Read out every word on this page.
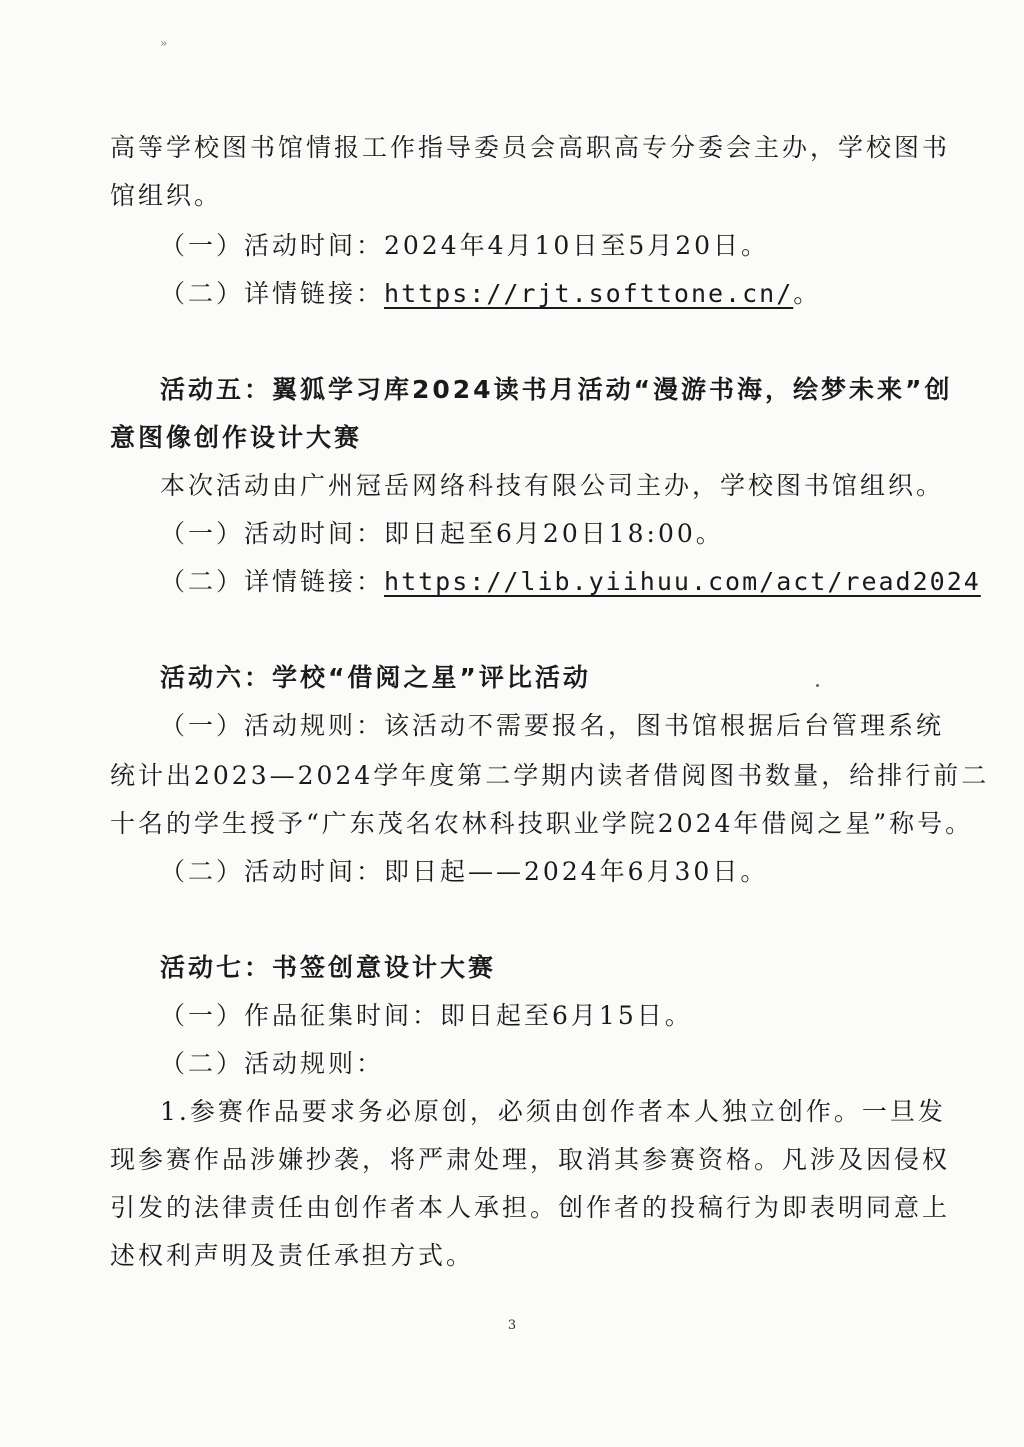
»
高等学校图书馆情报工作指导委员会高职高专分委会主办，学校图书
馆组织。
（一）活动时间：2024年4月10日至5月20日。
（二）详情链接：https://rjt.softtone.cn/。
活动五：翼狐学习库2024读书月活动“漫游书海，绘梦未来”创
意图像创作设计大赛
本次活动由广州冠岳网络科技有限公司主办，学校图书馆组织。
（一）活动时间：即日起至6月20日18:00。
（二）详情链接：https://lib.yiihuu.com/act/read2024
活动六：学校“借阅之星”评比活动
（一）活动规则：该活动不需要报名，图书馆根据后台管理系统
统计出2023—2024学年度第二学期内读者借阅图书数量，给排行前二
十名的学生授予“广东茂名农林科技职业学院2024年借阅之星”称号。
（二）活动时间：即日起——2024年6月30日。
活动七：书签创意设计大赛
（一）作品征集时间：即日起至6月15日。
（二）活动规则：
1.参赛作品要求务必原创，必须由创作者本人独立创作。一旦发
现参赛作品涉嫌抄袭，将严肃处理，取消其参赛资格。凡涉及因侵权
引发的法律责任由创作者本人承担。创作者的投稿行为即表明同意上
述权利声明及责任承担方式。
3
